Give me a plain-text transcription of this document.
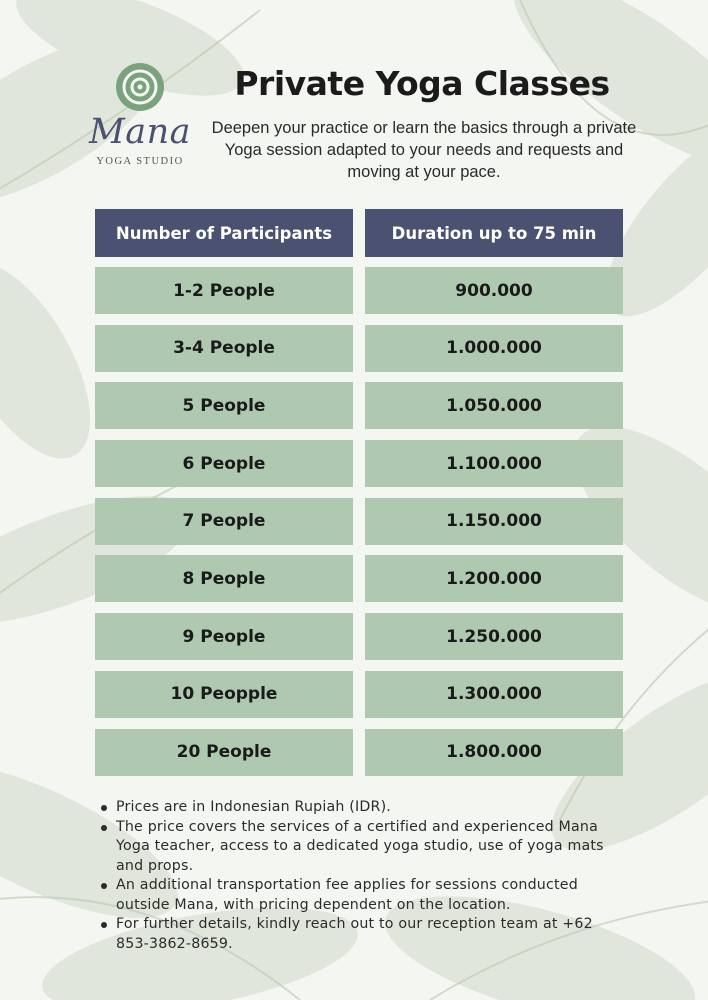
Mana
YOGA STUDIO
Private Yoga Classes
Deepen your practice or learn the basics through a private Yoga session adapted to your needs and requests and moving at your pace.
Number of Participants	Duration up to 75 min
1-2 People	900.000
3-4 People	1.000.000
5 People	1.050.000
6 People	1.100.000
7 People	1.150.000
8 People	1.200.000
9 People	1.250.000
10 Peopple	1.300.000
20 People	1.800.000
Prices are in Indonesian Rupiah (IDR).
The price covers the services of a certified and experienced Mana Yoga teacher, access to a dedicated yoga studio, use of yoga mats and props.
An additional transportation fee applies for sessions conducted outside Mana, with pricing dependent on the location.
For further details, kindly reach out to our reception team at +62 853-3862-8659.
